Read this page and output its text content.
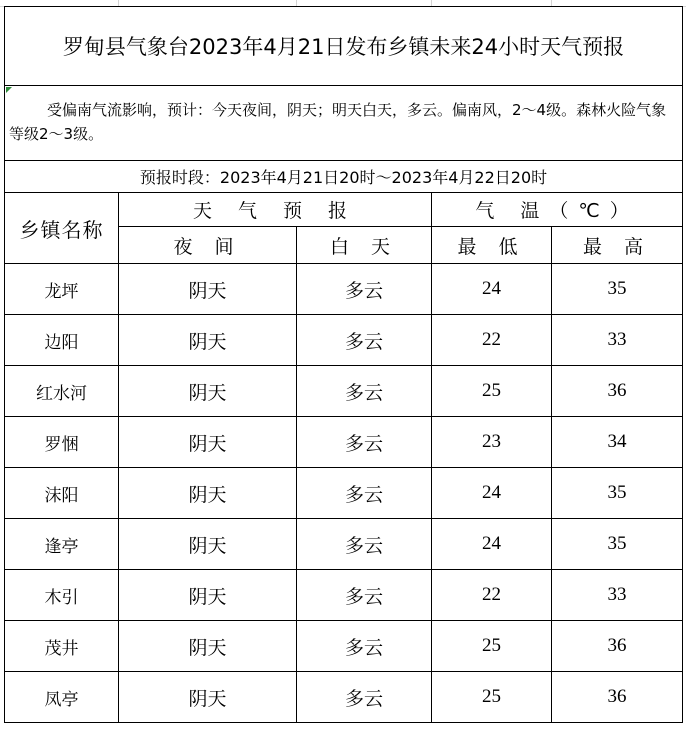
罗甸县气象台2023年4月21日发布乡镇未来24小时天气预报				

受偏南气流影响，预计：今天夜间，阴天；明天白天，多云。偏南风，2～4级。森林火险气象等级2～3级。				

预报时段：2023年4月21日20时～2023年4月22日20时				
乡镇名称	天 气 预 报		气 温（℃）	
	夜 间	白 天	最 低	最 高
龙坪	阴天	多云	24	35
边阳	阴天	多云	22	33
红水河	阴天	多云	25	36
罗悃	阴天	多云	23	34
沫阳	阴天	多云	24	35
逢亭	阴天	多云	24	35
木引	阴天	多云	22	33
茂井	阴天	多云	25	36
凤亭	阴天	多云	25	36
